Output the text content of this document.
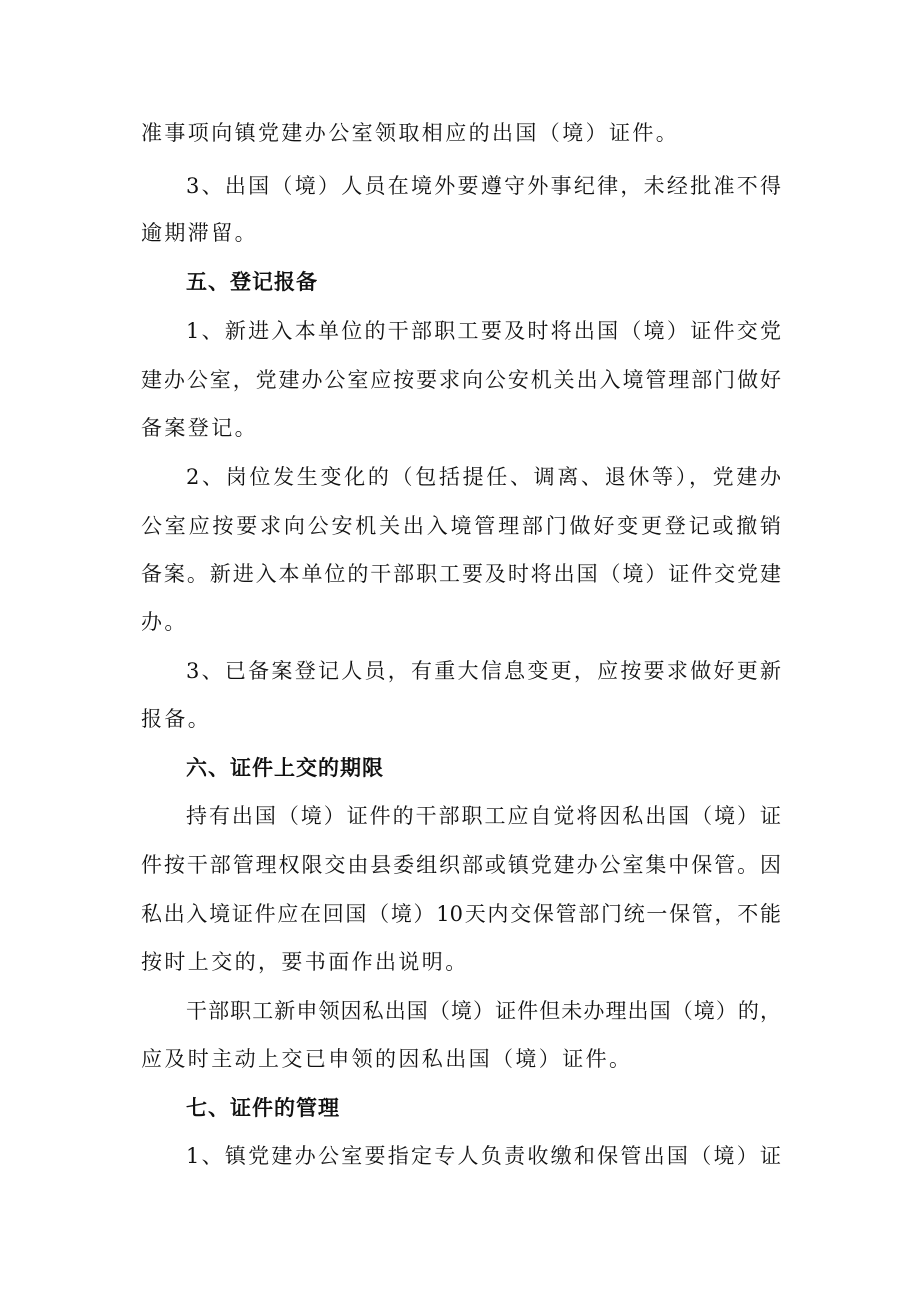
准事项向镇党建办公室领取相应的出国（境）证件。
3、出国（境）人员在境外要遵守外事纪律，未经批准不得
逾期滞留。
五、登记报备
1、新进入本单位的干部职工要及时将出国（境）证件交党
建办公室，党建办公室应按要求向公安机关出入境管理部门做好
备案登记。
2、岗位发生变化的（包括提任、调离、退休等），党建办
公室应按要求向公安机关出入境管理部门做好变更登记或撤销
备案。新进入本单位的干部职工要及时将出国（境）证件交党建
办。
3、已备案登记人员，有重大信息变更，应按要求做好更新
报备。
六、证件上交的期限
持有出国（境）证件的干部职工应自觉将因私出国（境）证
件按干部管理权限交由县委组织部或镇党建办公室集中保管。因
私出入境证件应在回国（境）10天内交保管部门统一保管，不能
按时上交的，要书面作出说明。
干部职工新申领因私出国（境）证件但未办理出国（境）的，
应及时主动上交已申领的因私出国（境）证件。
七、证件的管理
1、镇党建办公室要指定专人负责收缴和保管出国（境）证
